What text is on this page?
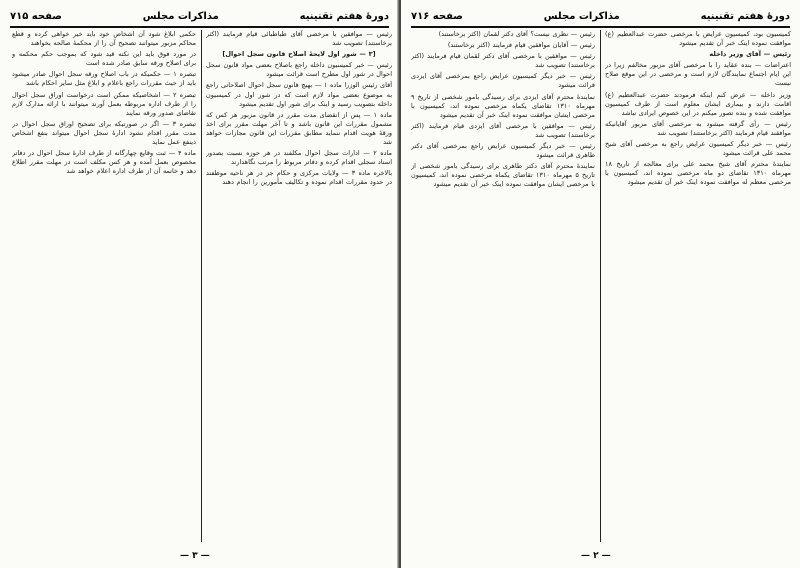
دورهٔ هفتم تقنینیه
مذاکرات مجلس
صفحه ۷۱۵

رئیس — موافقین با مرخصی آقای طباطبائی قیام فرمایند (اکثر برخاستند) تصویب شد

[۳ — شور اول لایحهٔ اصلاح قانون سجل احوال]

رئیس — خبر کمیسیون داخله راجع باصلاح بعضی مواد قانون سجل احوال در شور اول مطرح است قرائت میشود

آقای رئیس الوزرا ماده ۱ — بهیچ قانون سجل احوال اصلاحاتی راجع به موضوع بعضی مواد لازم است که در شور اول در کمیسیون داخله بتصویب رسید و اینک برای شور اول تقدیم میشود

ماده ۱ — پس از انقضای مدت مقرر در قانون مزبور هر کس که مشمول مقررات این قانون باشد و تا آخر مهلت مقرر برای اخذ ورقهٔ هویت اقدام ننماید مطابق مقررات این قانون مجازات خواهد شد

ماده ۲ — ادارات سجل احوال مکلفند در هر حوزه نسبت بصدور اسناد سجلی اقدام کرده و دفاتر مربوط را مرتب نگاهدارند

بالاخره ماده ۳ — ولایات مرکزی و حکام جز در هر ناحیه موظفند در حدود مقررات اقدام نموده و تکالیف مأمورین را انجام دهند

حکمی ابلاغ شود آن اشخاص خود باید خیر خواهی کرده و قطع محاکم مزبور میتوانند تصحیح آن را از محکمهٔ صالحه بخواهند

در مورد فوق باید این نکته قید شود که بموجب حکم محکمه و برای اصلاح ورقه سابق صادر شده است

تبصره ۱ — حکمیکه در باب اصلاح ورقه سجل احوال صادر میشود باید از حیث مقررات راجع باعلام و ابلاغ مثل سایر احکام باشد

تبصره ۲ — اشخاصیکه ممکن است درخواست اوراق سجل احوال را از طرف اداره مربوطه بعمل آورند میتوانند با ارائه مدارک لازم تقاضای صدور ورقه نمایند

تبصره ۳ — اگر در صورتیکه برای تصحیح اوراق سجل احوال در مدت مقرر اقدام نشود ادارهٔ سجل احوال میتواند بنفع اشخاص ذینفع عمل نماید

ماده ۴ — ثبت وقایع چهارگانه از طرف ادارهٔ سجل احوال در دفاتر مخصوص بعمل آمده و هر کس مکلف است در مهلت مقرر اطلاع دهد و خاتمه آن از طرف اداره اعلام خواهد شد

— ۳ —
دورهٔ هفتم تقنینیه
مذاکرات مجلس
صفحه ۷۱۶

کمیسیون بود، کمیسیون عرایض با مرخصی حضرت عبدالعظیم (ع) موافقت نموده اینک خبر آن تقدیم میشود

رئیس — آقای وزیر داخله

اعتراضات — بنده عقاید را با مرخصی آقای مزبور مخالفم زیرا در این ایام اجتماع نمایندگان لازم است و مرخصی در این موقع صلاح نیست

وزیر داخله — عرض کنم اینکه فرمودند حضرت عبدالعظیم (ع) اقامت دارند و بیماری ایشان معلوم است از طرف کمیسیون موافقت شده و بنده تصور میکنم در این خصوص ایرادی نباشد

رئیس — رأی گرفته میشود به مرخصی آقای مزبور آقایانیکه موافقند قیام فرمایند (اکثر برخاستند) تصویب شد

رئیس — خبر دیگر کمیسیون عرایض راجع به مرخصی آقای شیخ محمد علی قرائت میشود

نمایندهٔ محترم آقای شیخ محمد علی برای معالجه از تاریخ ۱۸ مهرماه ۱۳۱۰ تقاضای دو ماه مرخصی نموده اند، کمیسیون با مرخصی معظم له موافقت نموده اینک خبر آن تقدیم میشود

رئیس — نظری نیست؟ آقای دکتر لقمان (اکثر برخاستند)

رئیس — آقایان موافقین قیام فرمایند (اکثر برخاستند)

رئیس — موافقین با مرخصی آقای دکتر لقمان قیام فرمایند (اکثر برخاستند) تصویب شد

رئیس — خبر دیگر کمیسیون عرایض راجع بمرخصی آقای ایزدی قرائت میشود

نمایندهٔ محترم آقای ایزدی برای رسیدگی بامور شخصی از تاریخ ۹ مهرماه ۱۳۱۰ تقاضای یکماه مرخصی نموده اند، کمیسیون با مرخصی ایشان موافقت نموده اینک خبر آن تقدیم میشود

رئیس — موافقین با مرخصی آقای ایزدی قیام فرمایند (اکثر برخاستند) تصویب شد

رئیس — خبر دیگر کمیسیون عرایض راجع بمرخصی آقای دکتر طاهری قرائت میشود

نمایندهٔ محترم آقای دکتر طاهری برای رسیدگی بامور شخصی از تاریخ ۵ مهرماه ۱۳۱۰ تقاضای یکماه مرخصی نموده اند، کمیسیون با مرخصی ایشان موافقت نموده اینک خبر آن تقدیم میشود

— ۲ —
